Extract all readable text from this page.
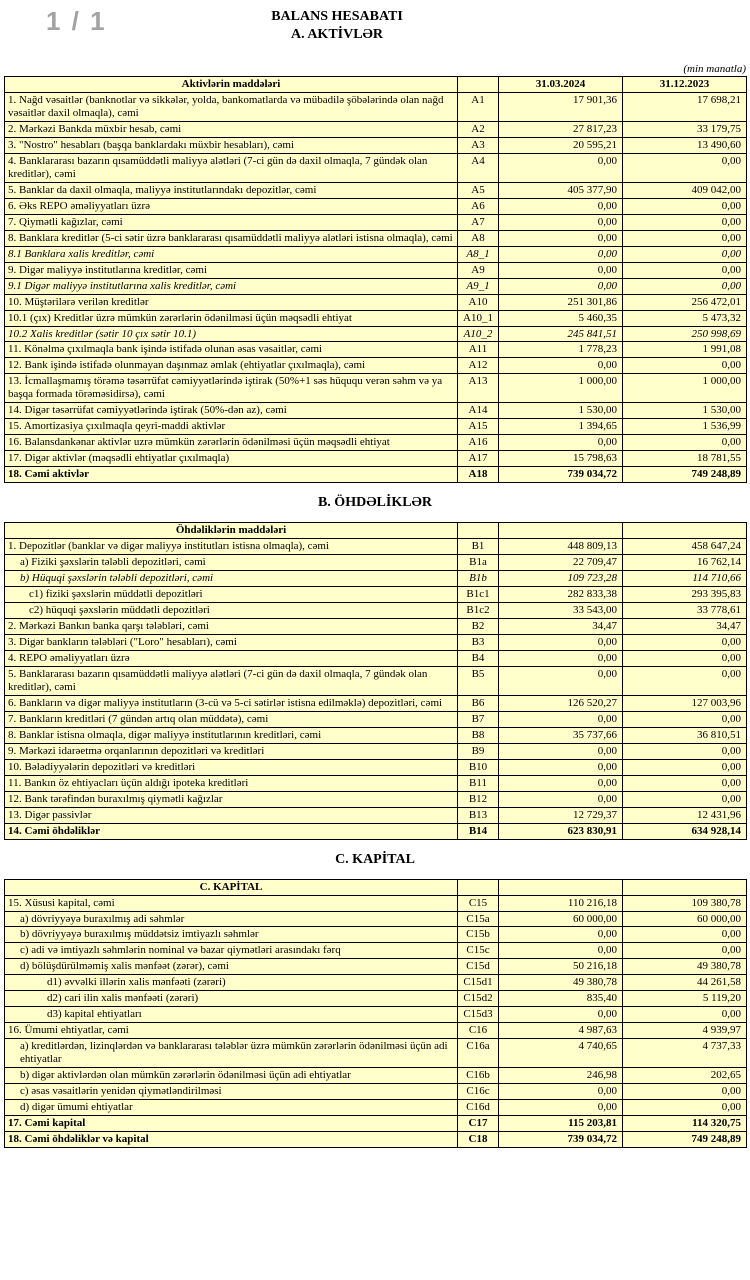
1 / 1	BALANS HESABATI
A. AKTİVLƏR
(min manatla)
Aktivlərin maddələri		31.03.2024	31.12.2023
1. Nağd vəsaitlər (banknotlar və sikkələr, yolda, bankomatlarda və mübadilə şöbələrində olan nağd vəsaitlər daxil olmaqla), cəmi	A1	17 901,36	17 698,21
2. Mərkəzi Bankda müxbir hesab, cəmi	A2	27 817,23	33 179,75
3. "Nostro" hesabları (başqa banklardakı müxbir hesabları), cəmi	A3	20 595,21	13 490,60
4. Banklararası bazarın qısamüddətli maliyyə alətləri (7-ci gün də daxil olmaqla, 7 gündək olan kreditlər), cəmi	A4	0,00	0,00
5. Banklar da daxil olmaqla, maliyyə institutlarındakı depozitlər, cəmi	A5	405 377,90	409 042,00
6. Əks REPO əməliyyatları üzrə	A6	0,00	0,00
7. Qiymətli kağızlar, cəmi	A7	0,00	0,00
8. Banklara kreditlər (5-ci sətir üzrə banklararası qısamüddətli maliyyə alətləri istisna olmaqla), cəmi	A8	0,00	0,00
8.1 Banklara xalis kreditlər, cəmi	A8_1	0,00	0,00
9. Digər maliyyə institutlarına kreditlər, cəmi	A9	0,00	0,00
9.1 Digər maliyyə institutlarına xalis kreditlər, cəmi	A9_1	0,00	0,00
10. Müştərilərə verilən kreditlər	A10	251 301,86	256 472,01
10.1 (çıx) Kreditlər üzrə mümkün zərərlərin ödənilməsi üçün məqsədli ehtiyat	A10_1	5 460,35	5 473,32
10.2 Xalis kreditlər (sətir 10 çıx sətir 10.1)	A10_2	245 841,51	250 998,69
11. Könəlmə çıxılmaqla bank işində istifadə olunan əsas vəsaitlər, cəmi	A11	1 778,23	1 991,08
12. Bank işində istifadə olunmayan daşınmaz əmlak (ehtiyatlar çıxılmaqla), cəmi	A12	0,00	0,00
13. İcmallaşmamış törəmə təsərrüfat cəmiyyətlərində iştirak (50%+1 səs hüququ verən səhm və ya başqa formada törəməsidirsə), cəmi	A13	1 000,00	1 000,00
14. Digər təsərrüfat cəmiyyətlərində iştirak (50%-dən az), cəmi	A14	1 530,00	1 530,00
15. Amortizasiya çıxılmaqla qeyri-maddi aktivlər	A15	1 394,65	1 536,99
16. Balansdankənar aktivlər uzrə mümkün zərərlərin ödənilməsi üçün məqsədli ehtiyat	A16	0,00	0,00
17. Digər aktivlər (məqsədli ehtiyatlar çıxılmaqla)	A17	15 798,63	18 781,55
18. Cəmi aktivlər	A18	739 034,72	749 248,89
B. ÖHDƏLİKLƏR
Öhdəliklərin maddələri			
1. Depozitlər (banklar və digər maliyyə institutları istisna olmaqla), cəmi	B1	448 809,13	458 647,24
a) Fiziki şəxslərin tələbli depozitləri, cəmi	B1a	22 709,47	16 762,14
b) Hüquqi şəxslərin tələbli depozitləri, cəmi	B1b	109 723,28	114 710,66
c1) fiziki şəxslərin müddətli depozitləri	B1c1	282 833,38	293 395,83
c2) hüquqi şəxslərin müddətli depozitləri	B1c2	33 543,00	33 778,61
2. Mərkəzi Bankın banka qarşı tələbləri, cəmi	B2	34,47	34,47
3. Digər bankların tələbləri ("Loro" hesabları), cəmi	B3	0,00	0,00
4. REPO əməliyyatları üzrə	B4	0,00	0,00
5. Banklararası bazarın qısamüddətli maliyyə alətləri (7-ci gün də daxil olmaqla, 7 gündək olan kreditlər), cəmi	B5	0,00	0,00
6. Bankların və digər maliyyə institutların (3-cü və 5-ci sətirlər istisna edilməklə) depozitləri, cəmi	B6	126 520,27	127 003,96
7. Bankların kreditləri (7 gündən artıq olan müddətə), cəmi	B7	0,00	0,00
8. Banklar istisna olmaqla, digər maliyyə institutlarının kreditləri, cəmi	B8	35 737,66	36 810,51
9. Mərkəzi idarəetmə orqanlarının depozitləri və kreditləri	B9	0,00	0,00
10. Bələdiyyələrin depozitləri və kreditləri	B10	0,00	0,00
11. Bankın öz ehtiyacları üçün aldığı ipoteka kreditləri	B11	0,00	0,00
12. Bank tərəfindən buraxılmış qiymətli kağızlar	B12	0,00	0,00
13. Digər passivlər	B13	12 729,37	12 431,96
14. Cəmi öhdəliklər	B14	623 830,91	634 928,14
C. KAPİTAL
C. KAPİTAL			
15. Xüsusi kapital, cəmi	C15	110 216,18	109 380,78
a) dövriyyəyə buraxılmış adi səhmlər	C15a	60 000,00	60 000,00
b) dövriyyəyə buraxılmış müddətsiz imtiyazlı səhmlər	C15b	0,00	0,00
c) adi və imtiyazlı səhmlərin nominal və bazar qiymətləri arasındakı fərq	C15c	0,00	0,00
d) bölüşdürülməmiş xalis mənfəət (zərər), cəmi	C15d	50 216,18	49 380,78
d1) əvvəlki illərin xalis mənfəəti (zərəri)	C15d1	49 380,78	44 261,58
d2) cari ilin xalis mənfəəti (zərəri)	C15d2	835,40	5 119,20
d3) kapital ehtiyatları	C15d3	0,00	0,00
16. Ümumi ehtiyatlar, cəmi	C16	4 987,63	4 939,97
a) kreditlərdən, lizinqlərdən və banklararası tələblər üzrə mümkün zərərlərin ödənilməsi üçün adi ehtiyatlar	C16a	4 740,65	4 737,33
b) digər aktivlərdən olan mümkün zərərlərin ödənilməsi üçün adi ehtiyatlar	C16b	246,98	202,65
c) əsas vəsaitlərin yenidən qiymətləndirilməsi	C16c	0,00	0,00
d) digər ümumi ehtiyatlar	C16d	0,00	0,00
17. Cəmi kapital	C17	115 203,81	114 320,75
18. Cəmi öhdəliklər və kapital	C18	739 034,72	749 248,89
